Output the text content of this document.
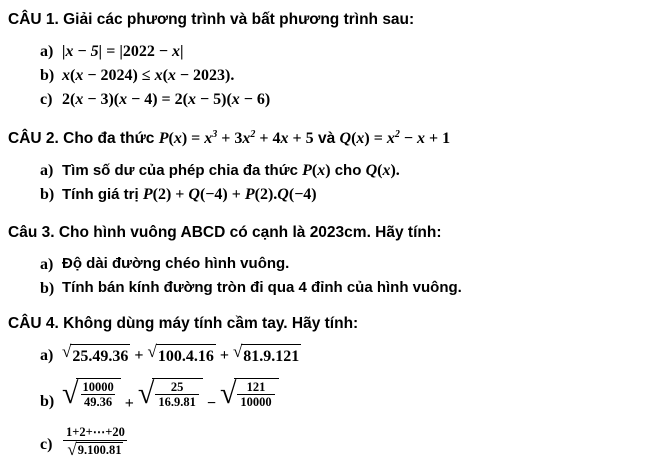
CÂU 1. Giải các phương trình và bất phương trình sau:
a) |x − 5| = |2022 − x|
b) x(x − 2024) ≤ x(x − 2023).
c) 2(x − 3)(x − 4) = 2(x − 5)(x − 6)
CÂU 2. Cho đa thức $P(x) = x^3 + 3x^2 + 4x + 5$ và $Q(x) = x^2 - x + 1$
a) Tìm số dư của phép chia đa thức P(x) cho Q(x).
b) Tính giá trị P(2) + Q(−4) + P(2).Q(−4)
Câu 3. Cho hình vuông ABCD có cạnh là 2023cm. Hãy tính:
a) Độ dài đường chéo hình vuông.
b) Tính bán kính đường tròn đi qua 4 đỉnh của hình vuông.
CÂU 4. Không dùng máy tính cầm tay. Hãy tính:
a) √ 25.49.36 + √ 100.4.16 + √ 81.9.121
b) √ $\frac{10000}{49.36}$ + √ $\frac{25}{16.9.81}$ − √ $\frac{121}{10000}$
$c) \frac{1+2+\cdots+20}{√ 9.100.81}$
